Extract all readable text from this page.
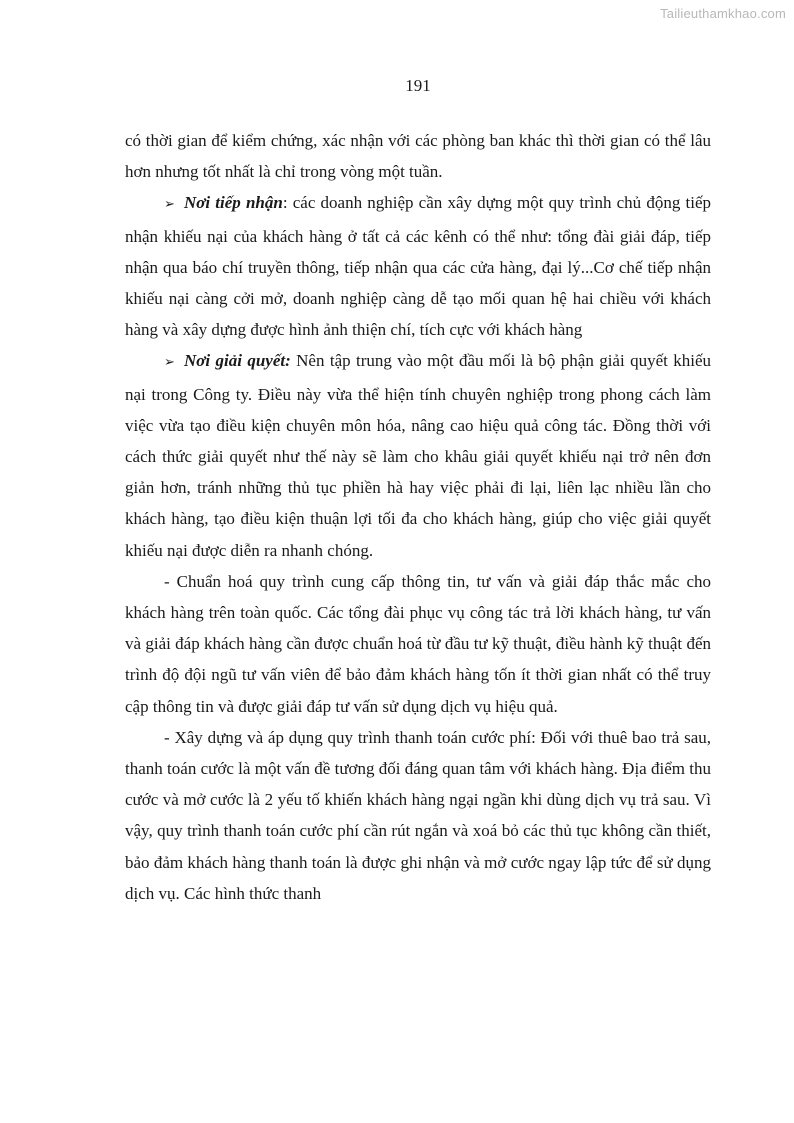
Tailieuthamkhao.com
191

có thời gian để kiểm chứng, xác nhận với các phòng ban khác thì thời gian có thể lâu hơn nhưng tốt nhất là chỉ trong vòng một tuần.

➢ Nơi tiếp nhận: các doanh nghiệp cần xây dựng một quy trình chủ động tiếp nhận khiếu nại của khách hàng ở tất cả các kênh có thể như: tổng đài giải đáp, tiếp nhận qua báo chí truyền thông, tiếp nhận qua các cửa hàng, đại lý...Cơ chế tiếp nhận khiếu nại càng cởi mở, doanh nghiệp càng dễ tạo mối quan hệ hai chiều với khách hàng và xây dựng được hình ảnh thiện chí, tích cực với khách hàng

➢ Nơi giải quyết: Nên tập trung vào một đầu mối là bộ phận giải quyết khiếu nại trong Công ty. Điều này vừa thể hiện tính chuyên nghiệp trong phong cách làm việc vừa tạo điều kiện chuyên môn hóa, nâng cao hiệu quả công tác. Đồng thời với cách thức giải quyết như thế này sẽ làm cho khâu giải quyết khiếu nại trở nên đơn giản hơn, tránh những thủ tục phiền hà hay việc phải đi lại, liên lạc nhiều lần cho khách hàng, tạo điều kiện thuận lợi tối đa cho khách hàng, giúp cho việc giải quyết khiếu nại được diễn ra nhanh chóng.

- Chuẩn hoá quy trình cung cấp thông tin, tư vấn và giải đáp thắc mắc cho khách hàng trên toàn quốc. Các tổng đài phục vụ công tác trả lời khách hàng, tư vấn và giải đáp khách hàng cần được chuẩn hoá từ đầu tư kỹ thuật, điều hành kỹ thuật đến trình độ đội ngũ tư vấn viên để bảo đảm khách hàng tốn ít thời gian nhất có thể truy cập thông tin và được giải đáp tư vấn sử dụng dịch vụ hiệu quả.

- Xây dựng và áp dụng quy trình thanh toán cước phí: Đối với thuê bao trả sau, thanh toán cước là một vấn đề tương đối đáng quan tâm với khách hàng. Địa điểm thu cước và mở cước là 2 yếu tố khiến khách hàng ngại ngần khi dùng dịch vụ trả sau. Vì vậy, quy trình thanh toán cước phí cần rút ngắn và xoá bỏ các thủ tục không cần thiết, bảo đảm khách hàng thanh toán là được ghi nhận và mở cước ngay lập tức để sử dụng dịch vụ. Các hình thức thanh
